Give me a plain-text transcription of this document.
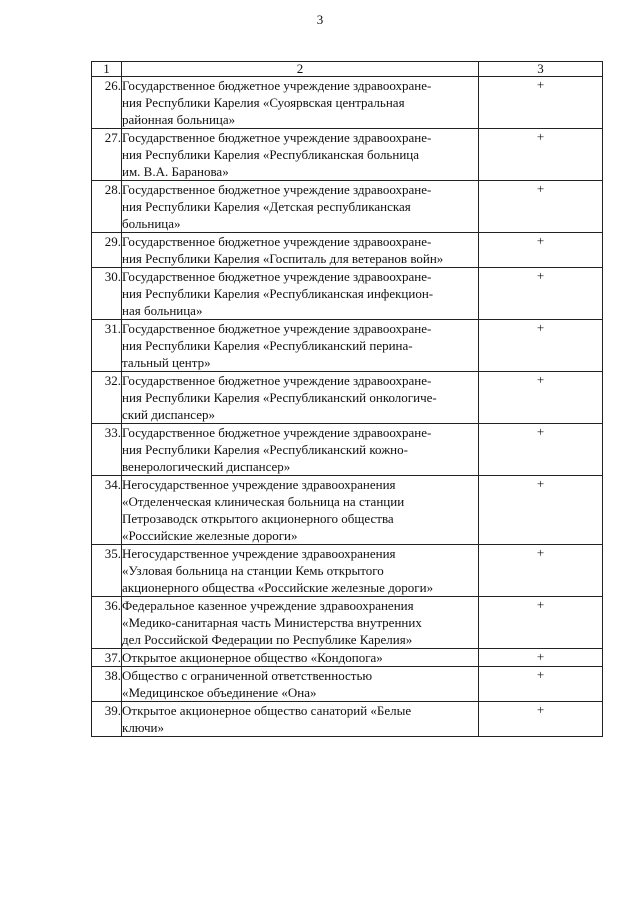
3
1	2	3
26.	Государственное бюджетное учреждение здравоохране-
ния Республики Карелия «Суоярвская центральная
районная больница»	+
27.	Государственное бюджетное учреждение здравоохране-
ния Республики Карелия «Республиканская больница
им. В.А. Баранова»	+
28.	Государственное бюджетное учреждение здравоохране-
ния Республики Карелия «Детская республиканская
больница»	+
29.	Государственное бюджетное учреждение здравоохране-
ния Республики Карелия «Госпиталь для ветеранов войн»	+
30.	Государственное бюджетное учреждение здравоохране-
ния Республики Карелия «Республиканская инфекцион-
ная больница»	+
31.	Государственное бюджетное учреждение здравоохране-
ния Республики Карелия «Республиканский перина-
тальный центр»	+
32.	Государственное бюджетное учреждение здравоохране-
ния Республики Карелия «Республиканский онкологиче-
ский диспансер»	+
33.	Государственное бюджетное учреждение здравоохране-
ния Республики Карелия «Республиканский кожно-
венерологический диспансер»	+
34.	Негосударственное учреждение здравоохранения
«Отделенческая клиническая больница на станции
Петрозаводск открытого акционерного общества
«Российские железные дороги»	+
35.	Негосударственное учреждение здравоохранения
«Узловая больница на станции Кемь открытого
акционерного общества «Российские железные дороги»	+
36.	Федеральное казенное учреждение здравоохранения
«Медико-санитарная часть Министерства внутренних
дел Российской Федерации по Республике Карелия»	+
37.	Открытое акционерное общество «Кондопога»	+
38.	Общество с ограниченной ответственностью
«Медицинское объединение «Она»	+
39.	Открытое акционерное общество санаторий «Белые
ключи»	+
